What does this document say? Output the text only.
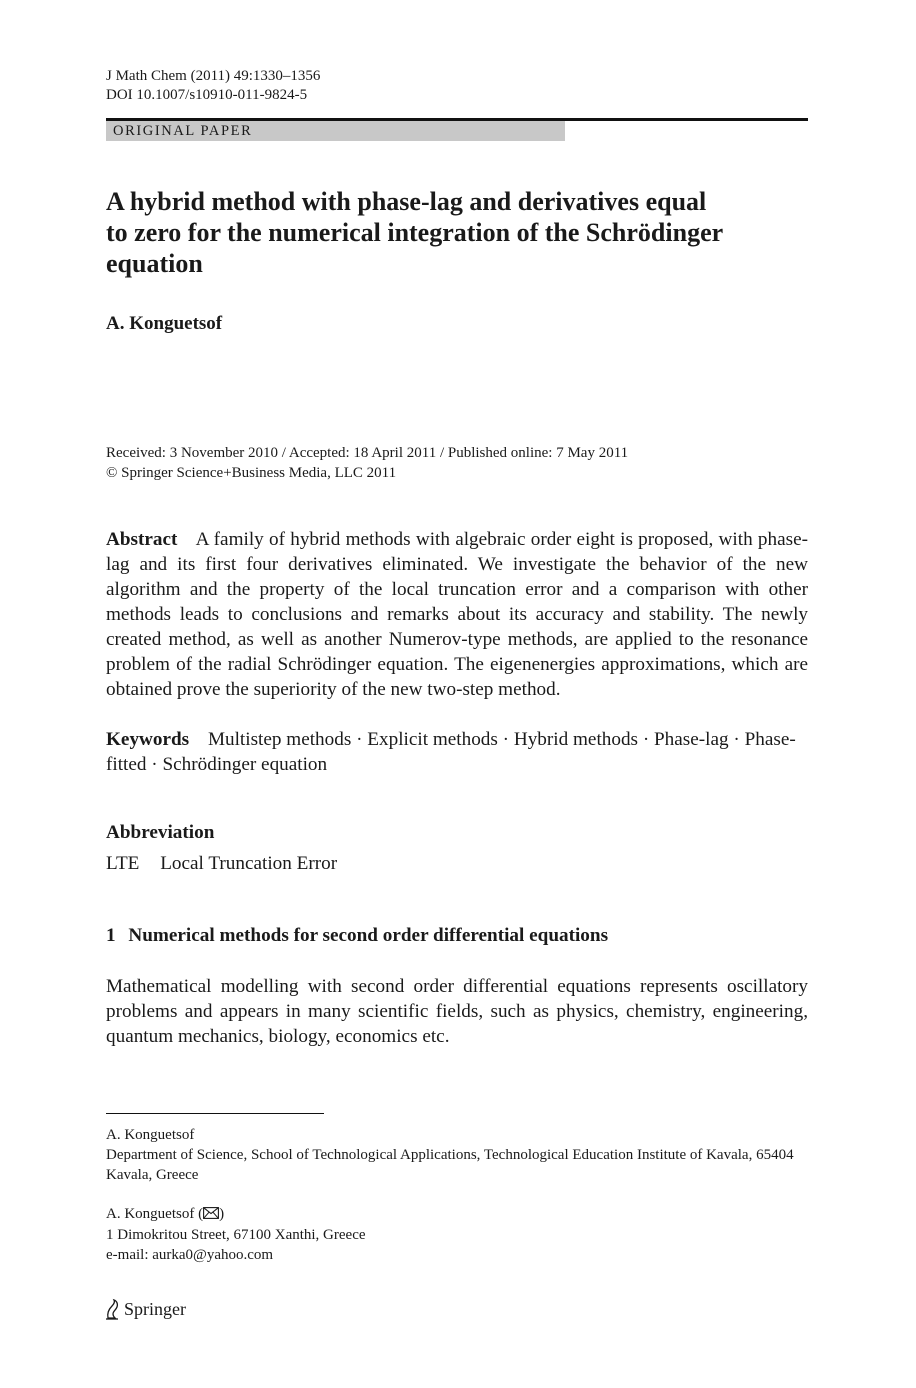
J Math Chem (2011) 49:1330–1356
DOI 10.1007/s10910-011-9824-5
ORIGINAL PAPER
A hybrid method with phase-lag and derivatives equal
to zero for the numerical integration of the Schrödinger
equation
A. Konguetsof
Received: 3 November 2010 / Accepted: 18 April 2011 / Published online: 7 May 2011
© Springer Science+Business Media, LLC 2011
Abstract A family of hybrid methods with algebraic order eight is proposed, with phase-lag and its first four derivatives eliminated. We investigate the behavior of the new algorithm and the property of the local truncation error and a comparison with other methods leads to conclusions and remarks about its accuracy and stability. The newly created method, as well as another Numerov-type methods, are applied to the resonance problem of the radial Schrödinger equation. The eigenenergies approximations, which are obtained prove the superiority of the new two-step method.
Keywords Multistep methods · Explicit methods · Hybrid methods · Phase-lag · Phase-fitted · Schrödinger equation
Abbreviation
LTE Local Truncation Error
1 Numerical methods for second order differential equations
Mathematical modelling with second order differential equations represents oscillatory problems and appears in many scientific fields, such as physics, chemistry, engineering, quantum mechanics, biology, economics etc.
A. Konguetsof
Department of Science, School of Technological Applications, Technological Education Institute of Kavala, 65404 Kavala, Greece
A. Konguetsof ( )
1 Dimokritou Street, 67100 Xanthi, Greece
e-mail: aurka0@yahoo.com
Springer
